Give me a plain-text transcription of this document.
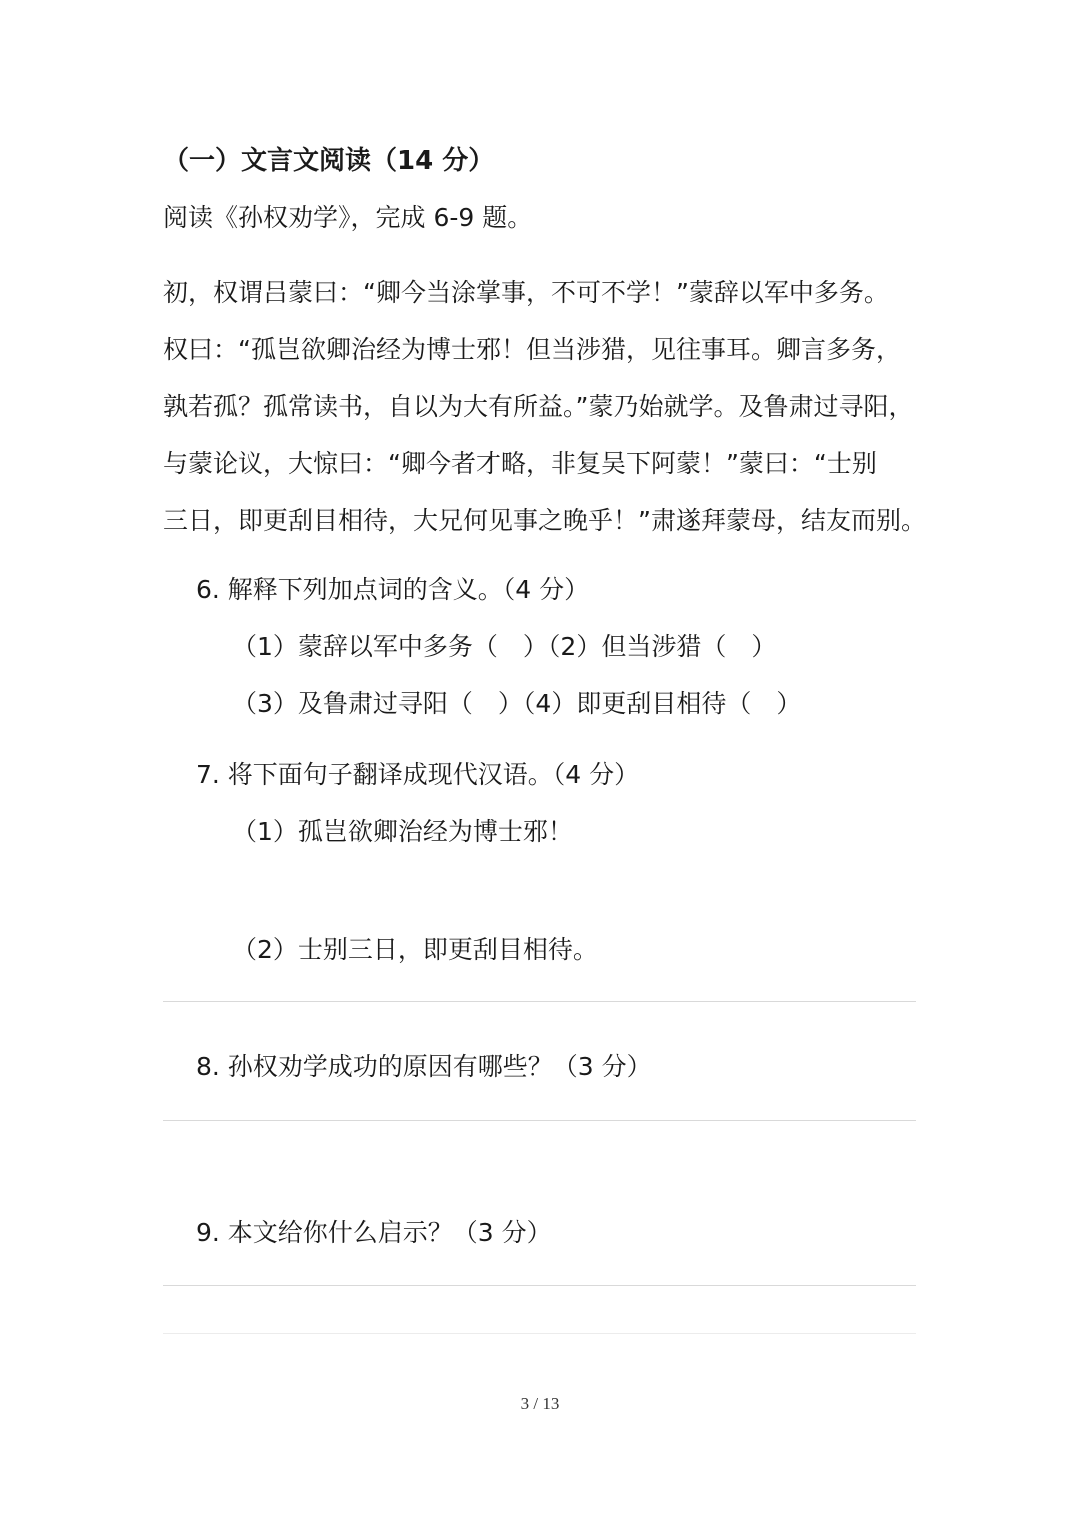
（一）文言文阅读（14 分）
阅读《孙权劝学》，完成 6-9 题。
初，权谓吕蒙曰：“卿今当涂掌事，不可不学！”蒙辞以军中多务。
权曰：“孤岂欲卿治经为博士邪！但当涉猎，见往事耳。卿言多务，
孰若孤？孤常读书，自以为大有所益。”蒙乃始就学。及鲁肃过寻阳，
与蒙论议，大惊曰：“卿今者才略，非复吴下阿蒙！”蒙曰：“士别
三日，即更刮目相待，大兄何见事之晚乎！”肃遂拜蒙母，结友而别。
6. 解释下列加点词的含义。（4 分）
（1）蒙辞以军中多务（　）（2）但当涉猎（　）
（3）及鲁肃过寻阳（　）（4）即更刮目相待（　）
7. 将下面句子翻译成现代汉语。（4 分）
（1）孤岂欲卿治经为博士邪！
（2）士别三日，即更刮目相待。
8. 孙权劝学成功的原因有哪些？（3 分）
9. 本文给你什么启示？（3 分）
3 / 13
